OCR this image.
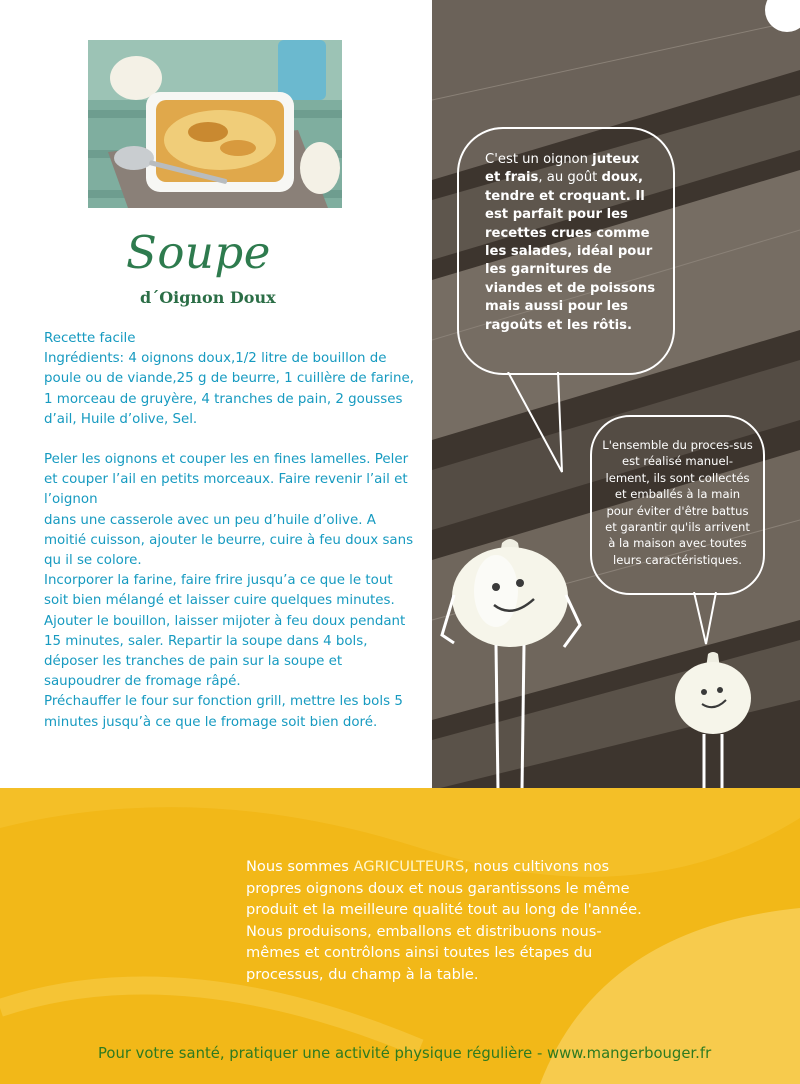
Soupe
d´Oignon Doux

Recette facile

Ingrédients: 4 oignons doux,1/2 litre de bouillon de poule ou de viande,25 g de beurre, 1 cuillère de farine, 1 morceau de gruyère, 4 tranches de pain, 2 gousses d’ail, Huile d’olive, Sel.

Peler les oignons et couper les en fines lamelles. Peler et couper l’ail en petits morceaux. Faire revenir l’ail et l’oignon

dans une casserole avec un peu d’huile d’olive. A moitié cuisson, ajouter le beurre, cuire à feu doux sans qu il se colore.

Incorporer la farine, faire frire jusqu’a ce que le tout soit bien mélangé et laisser cuire quelques minutes. Ajouter le bouillon, laisser mijoter à feu doux pendant 15 minutes, saler. Repartir la soupe dans 4 bols, déposer les tranches de pain sur la soupe et saupoudrer de fromage râpé.

Préchauffer le four sur fonction grill, mettre les bols 5 minutes jusqu’à ce que le fromage soit bien doré.

C'est un oignon juteux et frais, au goût doux, tendre et croquant. Il est parfait pour les recettes crues comme les salades, idéal pour les garnitures de viandes et de poissons mais aussi pour les ragoûts et les rôtis.
L'ensemble du proces-sus est réalisé manuel-lement, ils sont collectés et emballés à la main pour éviter d'être battus et garantir qu'ils arrivent à la maison avec toutes leurs caractéristiques.

Nous sommes AGRICULTEURS, nous cultivons nos propres oignons doux et nous garantissons le même produit et la meilleure qualité tout au long de l'année.

Nous produisons, emballons et distribuons nous-mêmes et contrôlons ainsi toutes les étapes du processus, du champ à la table.

Pour votre santé, pratiquer une activité physique régulière - www.mangerbouger.fr
